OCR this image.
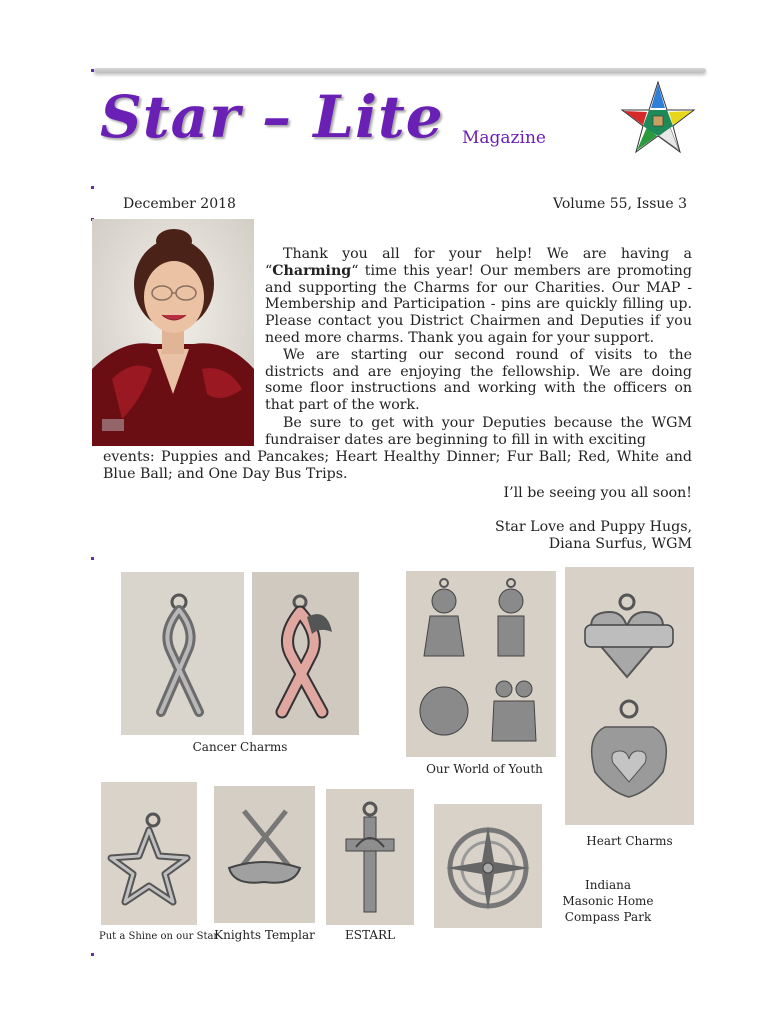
Star – Lite Magazine
December 2018	Volume 55, Issue 3

Thank you all for your help! We are having a “Charming“ time this year! Our members are promoting and supporting the Charms for our Charities. Our MAP - Membership and Participation - pins are quickly filling up. Please contact you District Chairmen and Deputies if you need more charms. Thank you again for your support.

We are starting our second round of visits to the districts and are enjoying the fellowship. We are doing some floor instructions and working with the officers on that part of the work.

Be sure to get with your Deputies because the WGM fundraiser dates are beginning to fill in with exciting

events: Puppies and Pancakes; Heart Healthy Dinner; Fur Ball; Red, White and Blue Ball; and One Day Bus Trips.

I’ll be seeing you all soon!
Star Love and Puppy Hugs,
Diana Surfus, WGM
Cancer Charms
Our World of Youth
Heart Charms
Put a Shine on our Star
Knights Templar	ESTARL
Indiana
Masonic Home
Compass Park
